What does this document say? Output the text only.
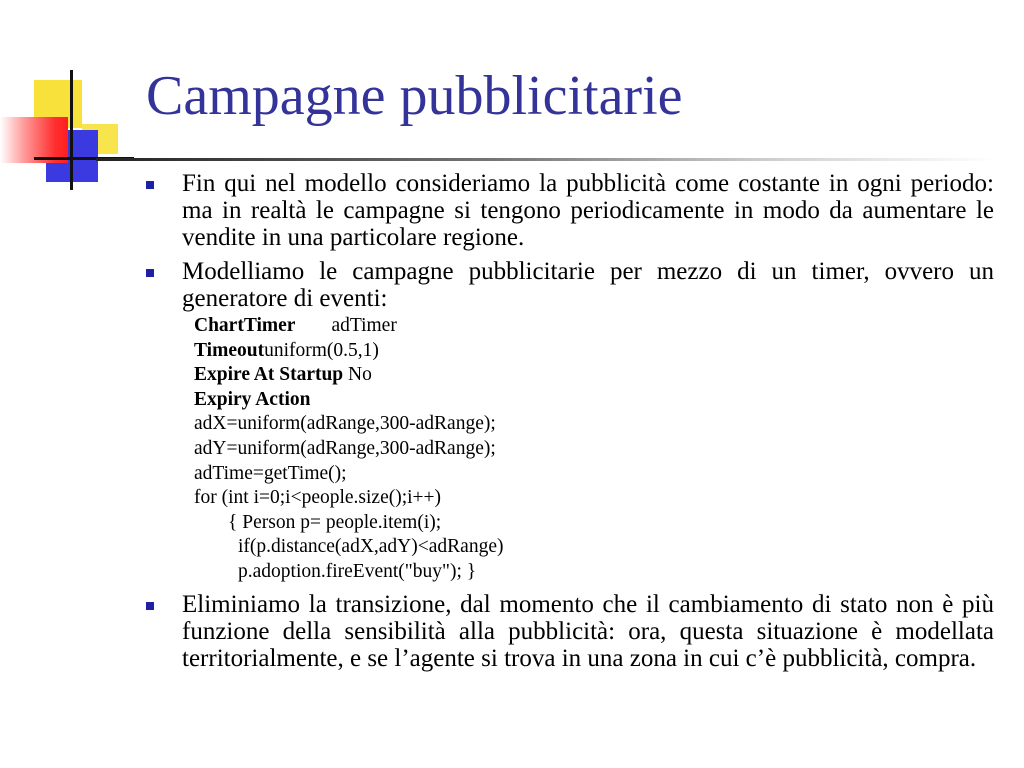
Campagne pubblicitarie
Fin qui nel modello consideriamo la pubblicità come costante in ogni periodo: ma in realtà le campagne si tengono periodicamente in modo da aumentare le vendite in una particolare regione.
Modelliamo le campagne pubblicitarie per mezzo di un timer, ovvero un generatore di eventi:
ChartTimer adTimer
Timeoutuniform(0.5,1)
Expire At Startup No
Expiry Action
adX=uniform(adRange,300-adRange);
adY=uniform(adRange,300-adRange);
adTime=getTime();
for (int i=0;i<people.size();i++)
{ Person p= people.item(i);
if(p.distance(adX,adY)<adRange)
p.adoption.fireEvent("buy"); }
Eliminiamo la transizione, dal momento che il cambiamento di stato non è più funzione della sensibilità alla pubblicità: ora, questa situazione è modellata territorialmente, e se l’agente si trova in una zona in cui c’è pubblicità, compra.
